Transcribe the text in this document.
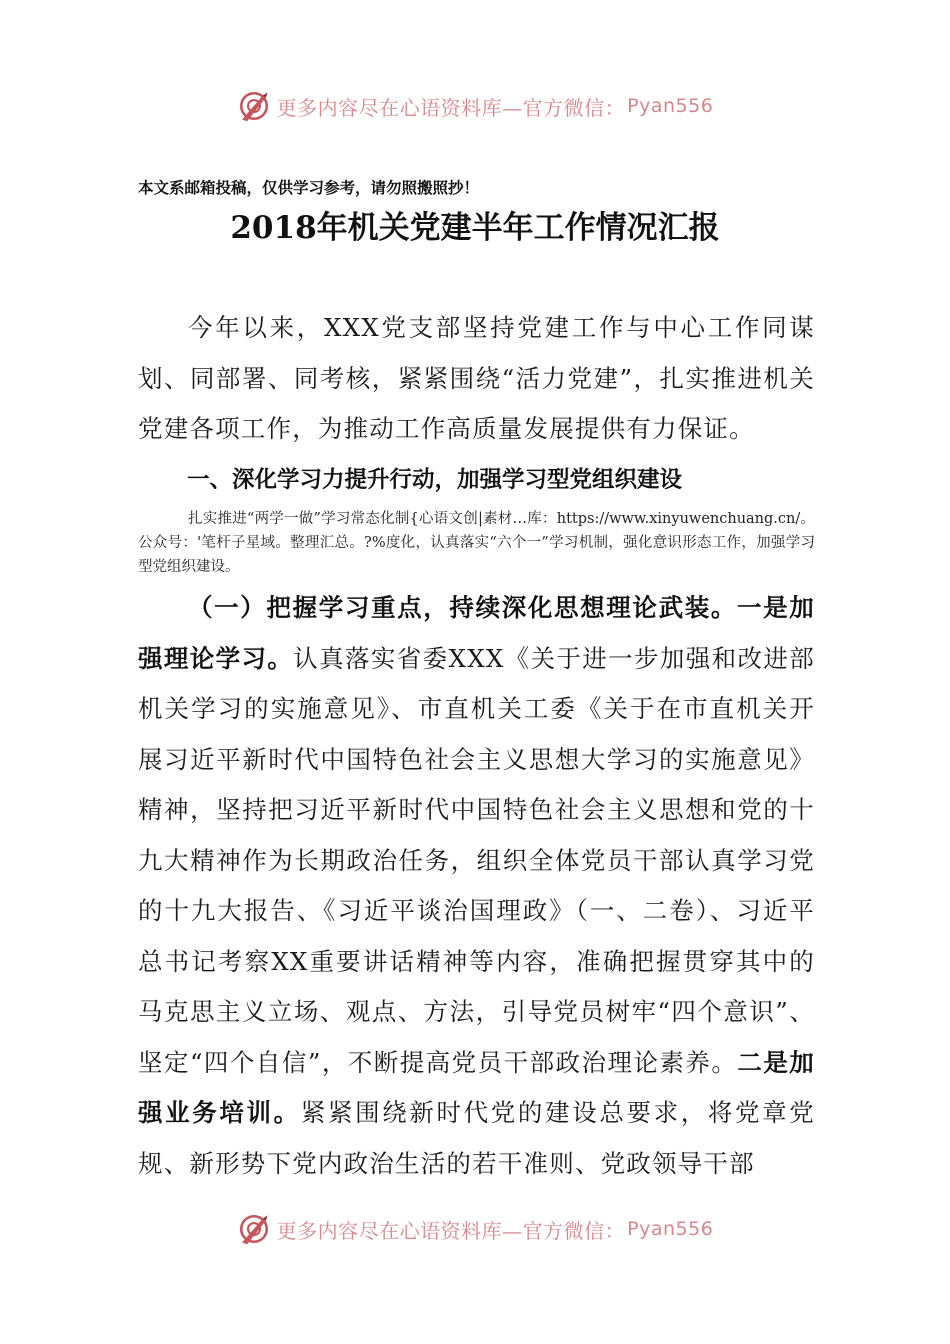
更多内容尽在心语资料库—官方微信： Pyan556
本文系邮箱投稿，仅供学习参考，请勿照搬照抄！
2018年机关党建半年工作情况汇报
今年以来，XXX党支部坚持党建工作与中心工作同谋划、同部署、同考核，紧紧围绕“活力党建”，扎实推进机关党建各项工作，为推动工作高质量发展提供有力保证。
一、深化学习力提升行动，加强学习型党组织建设
扎实推进“两学一做”学习常态化制{心语文创|素材…库：https://www.xinyuwenchuang.cn/。公众号：'笔杆子星域。整理汇总。?%度化，认真落实“六个一”学习机制，强化意识形态工作，加强学习型党组织建设。
（一）把握学习重点，持续深化思想理论武装。一是加强理论学习。认真落实省委XXX《关于进一步加强和改进部机关学习的实施意见》、市直机关工委《关于在市直机关开展习近平新时代中国特色社会主义思想大学习的实施意见》精神，坚持把习近平新时代中国特色社会主义思想和党的十九大精神作为长期政治任务，组织全体党员干部认真学习党的十九大报告、《习近平谈治国理政》（一、二卷）、习近平总书记考察XX重要讲话精神等内容，准确把握贯穿其中的马克思主义立场、观点、方法，引导党员树牢“四个意识”、坚定“四个自信”，不断提高党员干部政治理论素养。二是加强业务培训。紧紧围绕新时代党的建设总要求，将党章党规、新形势下党内政治生活的若干准则、党政领导干部
更多内容尽在心语资料库—官方微信： Pyan556
